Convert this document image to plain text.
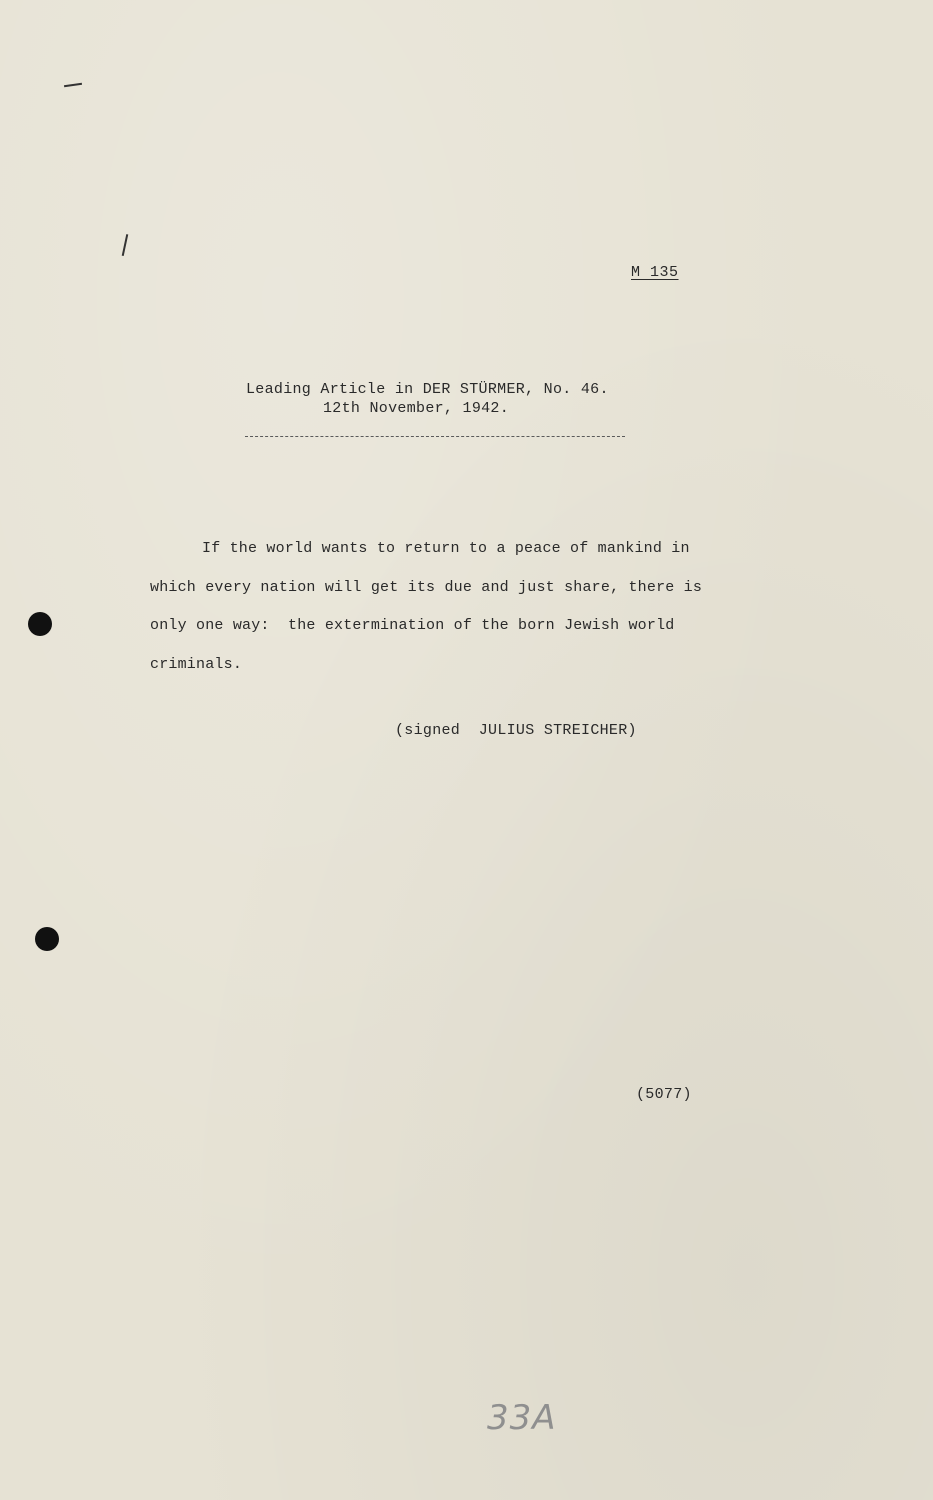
M 135
Leading Article in DER STÜRMER, No. 46.
12th November, 1942.
If the world wants to return to a peace of mankind in
which every nation will get its due and just share, there is
only one way:  the extermination of the born Jewish world
criminals.
(signed  JULIUS STREICHER)
(5077)
33A
